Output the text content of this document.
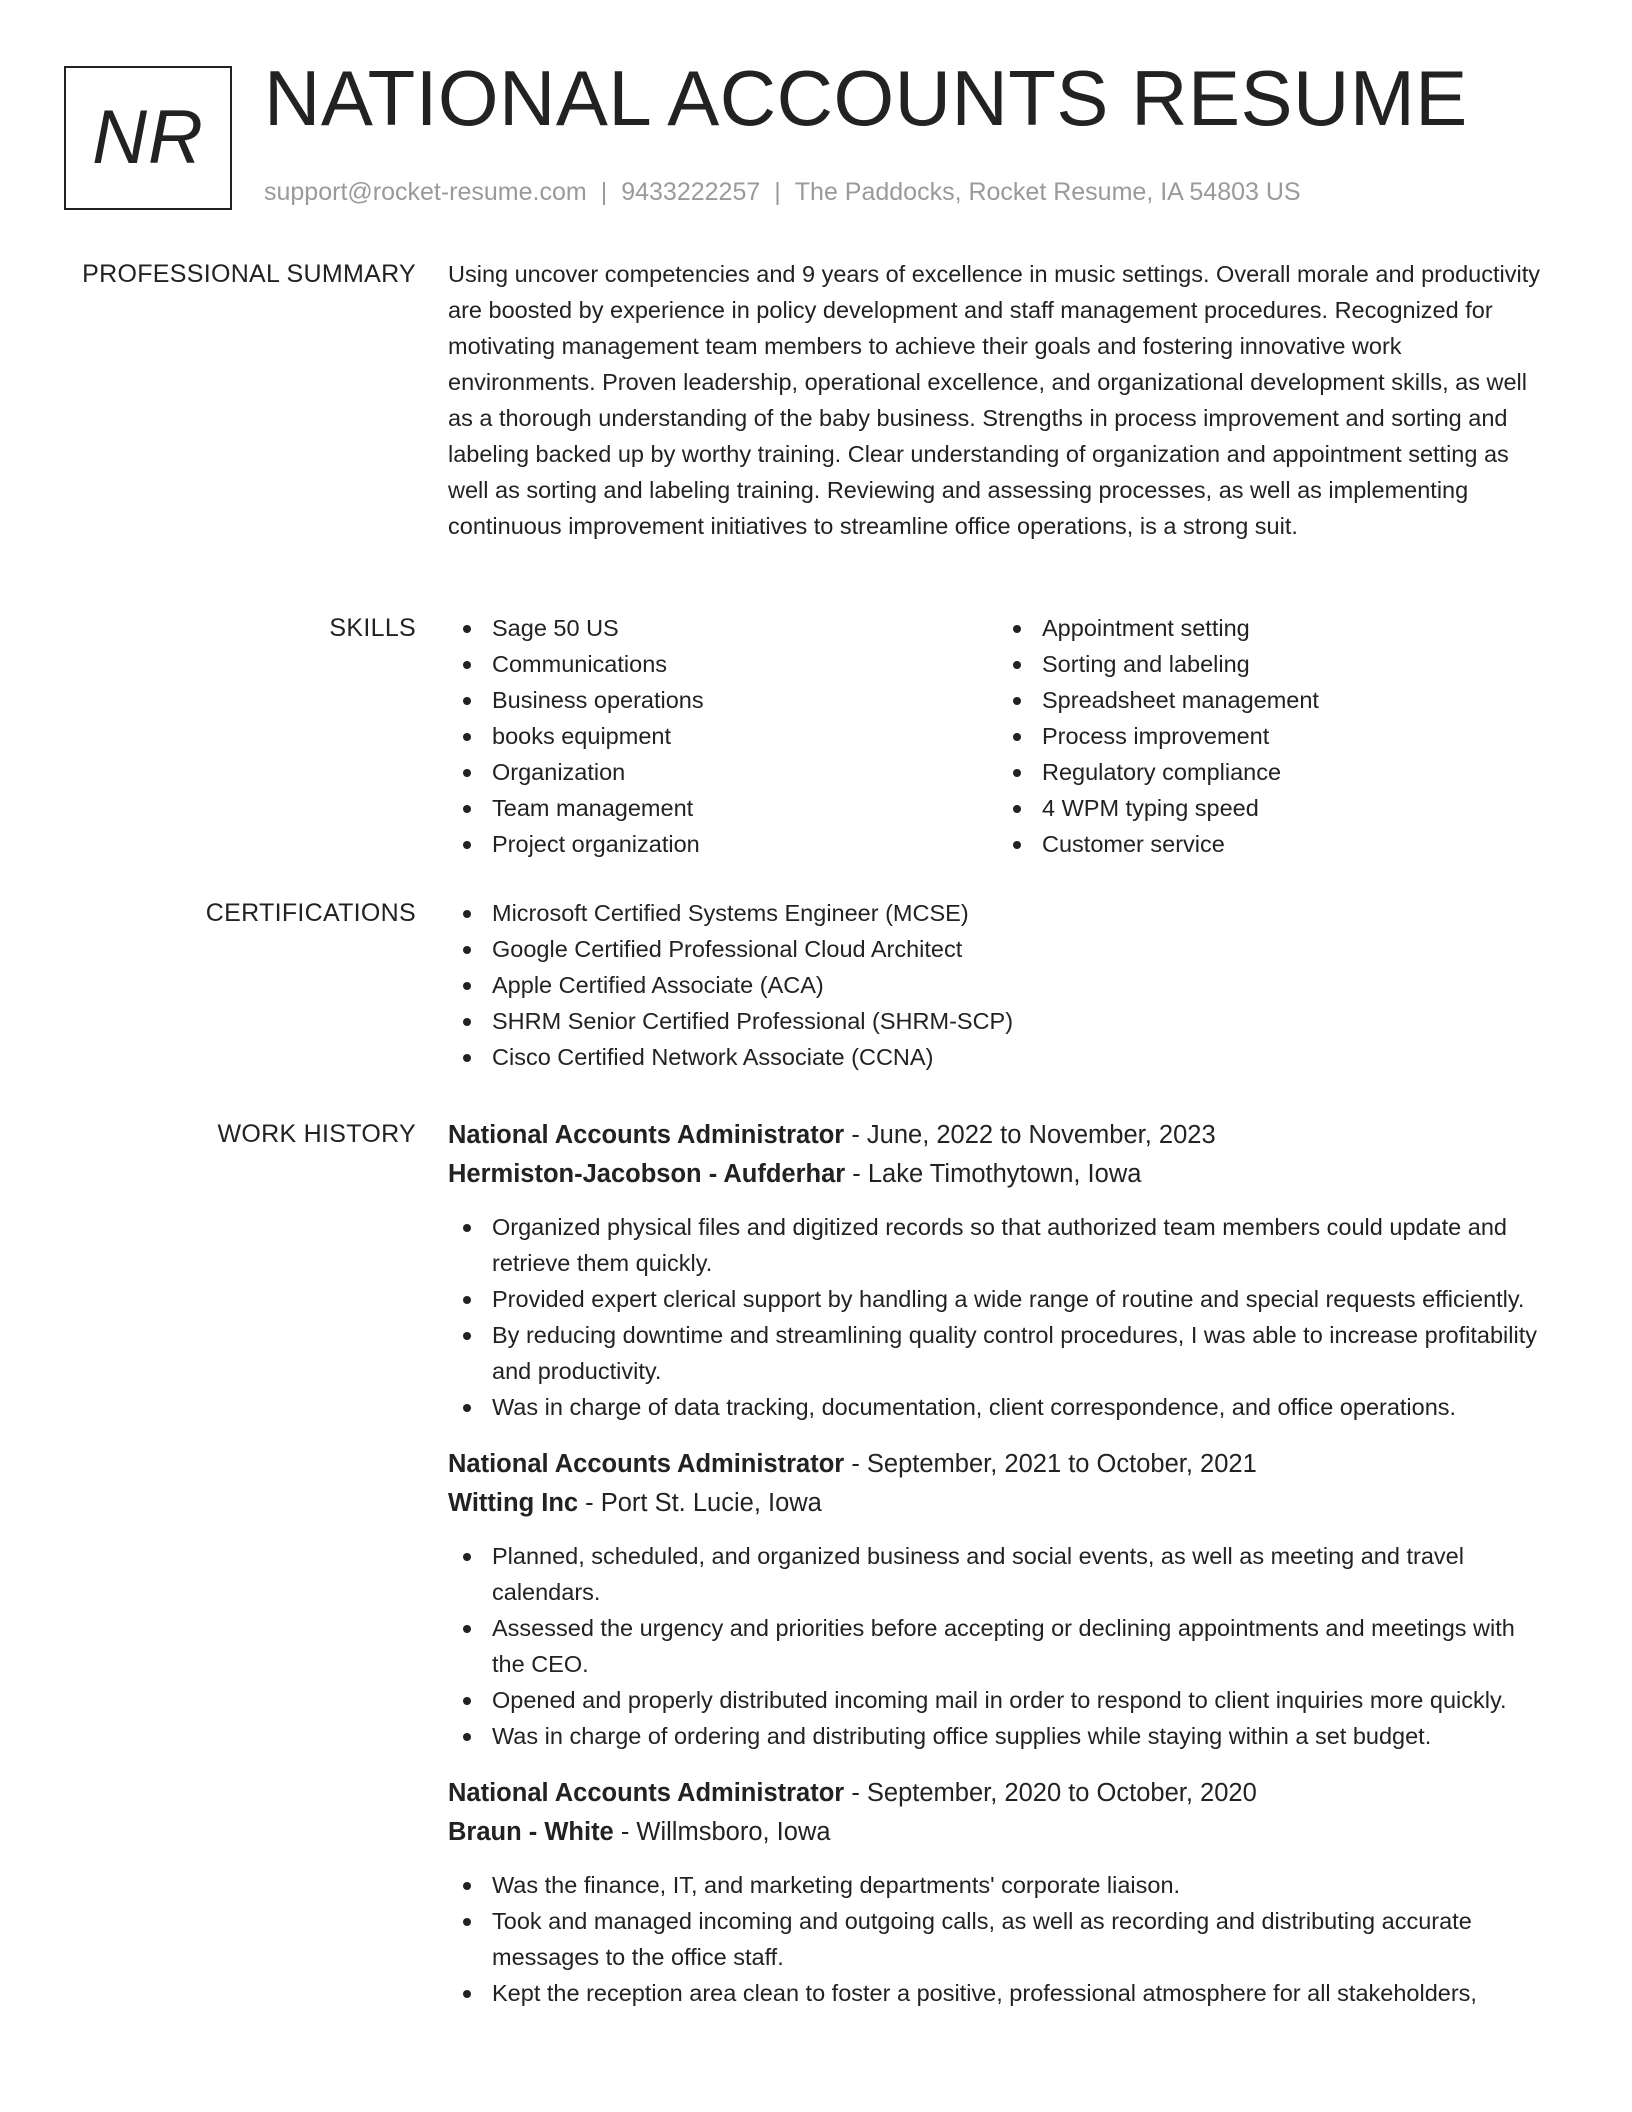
NR NATIONAL ACCOUNTS RESUME
support@rocket-resume.com | 9433222257 | The Paddocks, Rocket Resume, IA 54803 US
PROFESSIONAL SUMMARY Using uncover competencies and 9 years of excellence in music settings. Overall morale and productivity are boosted by experience in policy development and staff management procedures. Recognized for motivating management team members to achieve their goals and fostering innovative work environments. Proven leadership, operational excellence, and organizational development skills, as well as a thorough understanding of the baby business. Strengths in process improvement and sorting and labeling backed up by worthy training. Clear understanding of organization and appointment setting as well as sorting and labeling training. Reviewing and assessing processes, as well as implementing continuous improvement initiatives to streamline office operations, is a strong suit.
SKILLS	Sage 50 US
Communications
Business operations
books equipment
Organization
Team management
Project organization
Appointment setting
Sorting and labeling
Spreadsheet management
Process improvement
Regulatory compliance
4 WPM typing speed
Customer service
CERTIFICATIONS	Microsoft Certified Systems Engineer (MCSE)
Google Certified Professional Cloud Architect
Apple Certified Associate (ACA)
SHRM Senior Certified Professional (SHRM-SCP)
Cisco Certified Network Associate (CCNA)
WORK HISTORY National Accounts Administrator - June, 2022 to November, 2023
Hermiston-Jacobson - Aufderhar - Lake Timothytown, Iowa
Organized physical files and digitized records so that authorized team members could update and retrieve them quickly.
Provided expert clerical support by handling a wide range of routine and special requests efficiently.
By reducing downtime and streamlining quality control procedures, I was able to increase profitability and productivity.
Was in charge of data tracking, documentation, client correspondence, and office operations.
National Accounts Administrator - September, 2021 to October, 2021
Witting Inc - Port St. Lucie, Iowa
Planned, scheduled, and organized business and social events, as well as meeting and travel calendars.
Assessed the urgency and priorities before accepting or declining appointments and meetings with the CEO.
Opened and properly distributed incoming mail in order to respond to client inquiries more quickly.
Was in charge of ordering and distributing office supplies while staying within a set budget.
National Accounts Administrator - September, 2020 to October, 2020
Braun - White - Willmsboro, Iowa
Was the finance, IT, and marketing departments' corporate liaison.
Took and managed incoming and outgoing calls, as well as recording and distributing accurate messages to the office staff.
Kept the reception area clean to foster a positive, professional atmosphere for all stakeholders,
